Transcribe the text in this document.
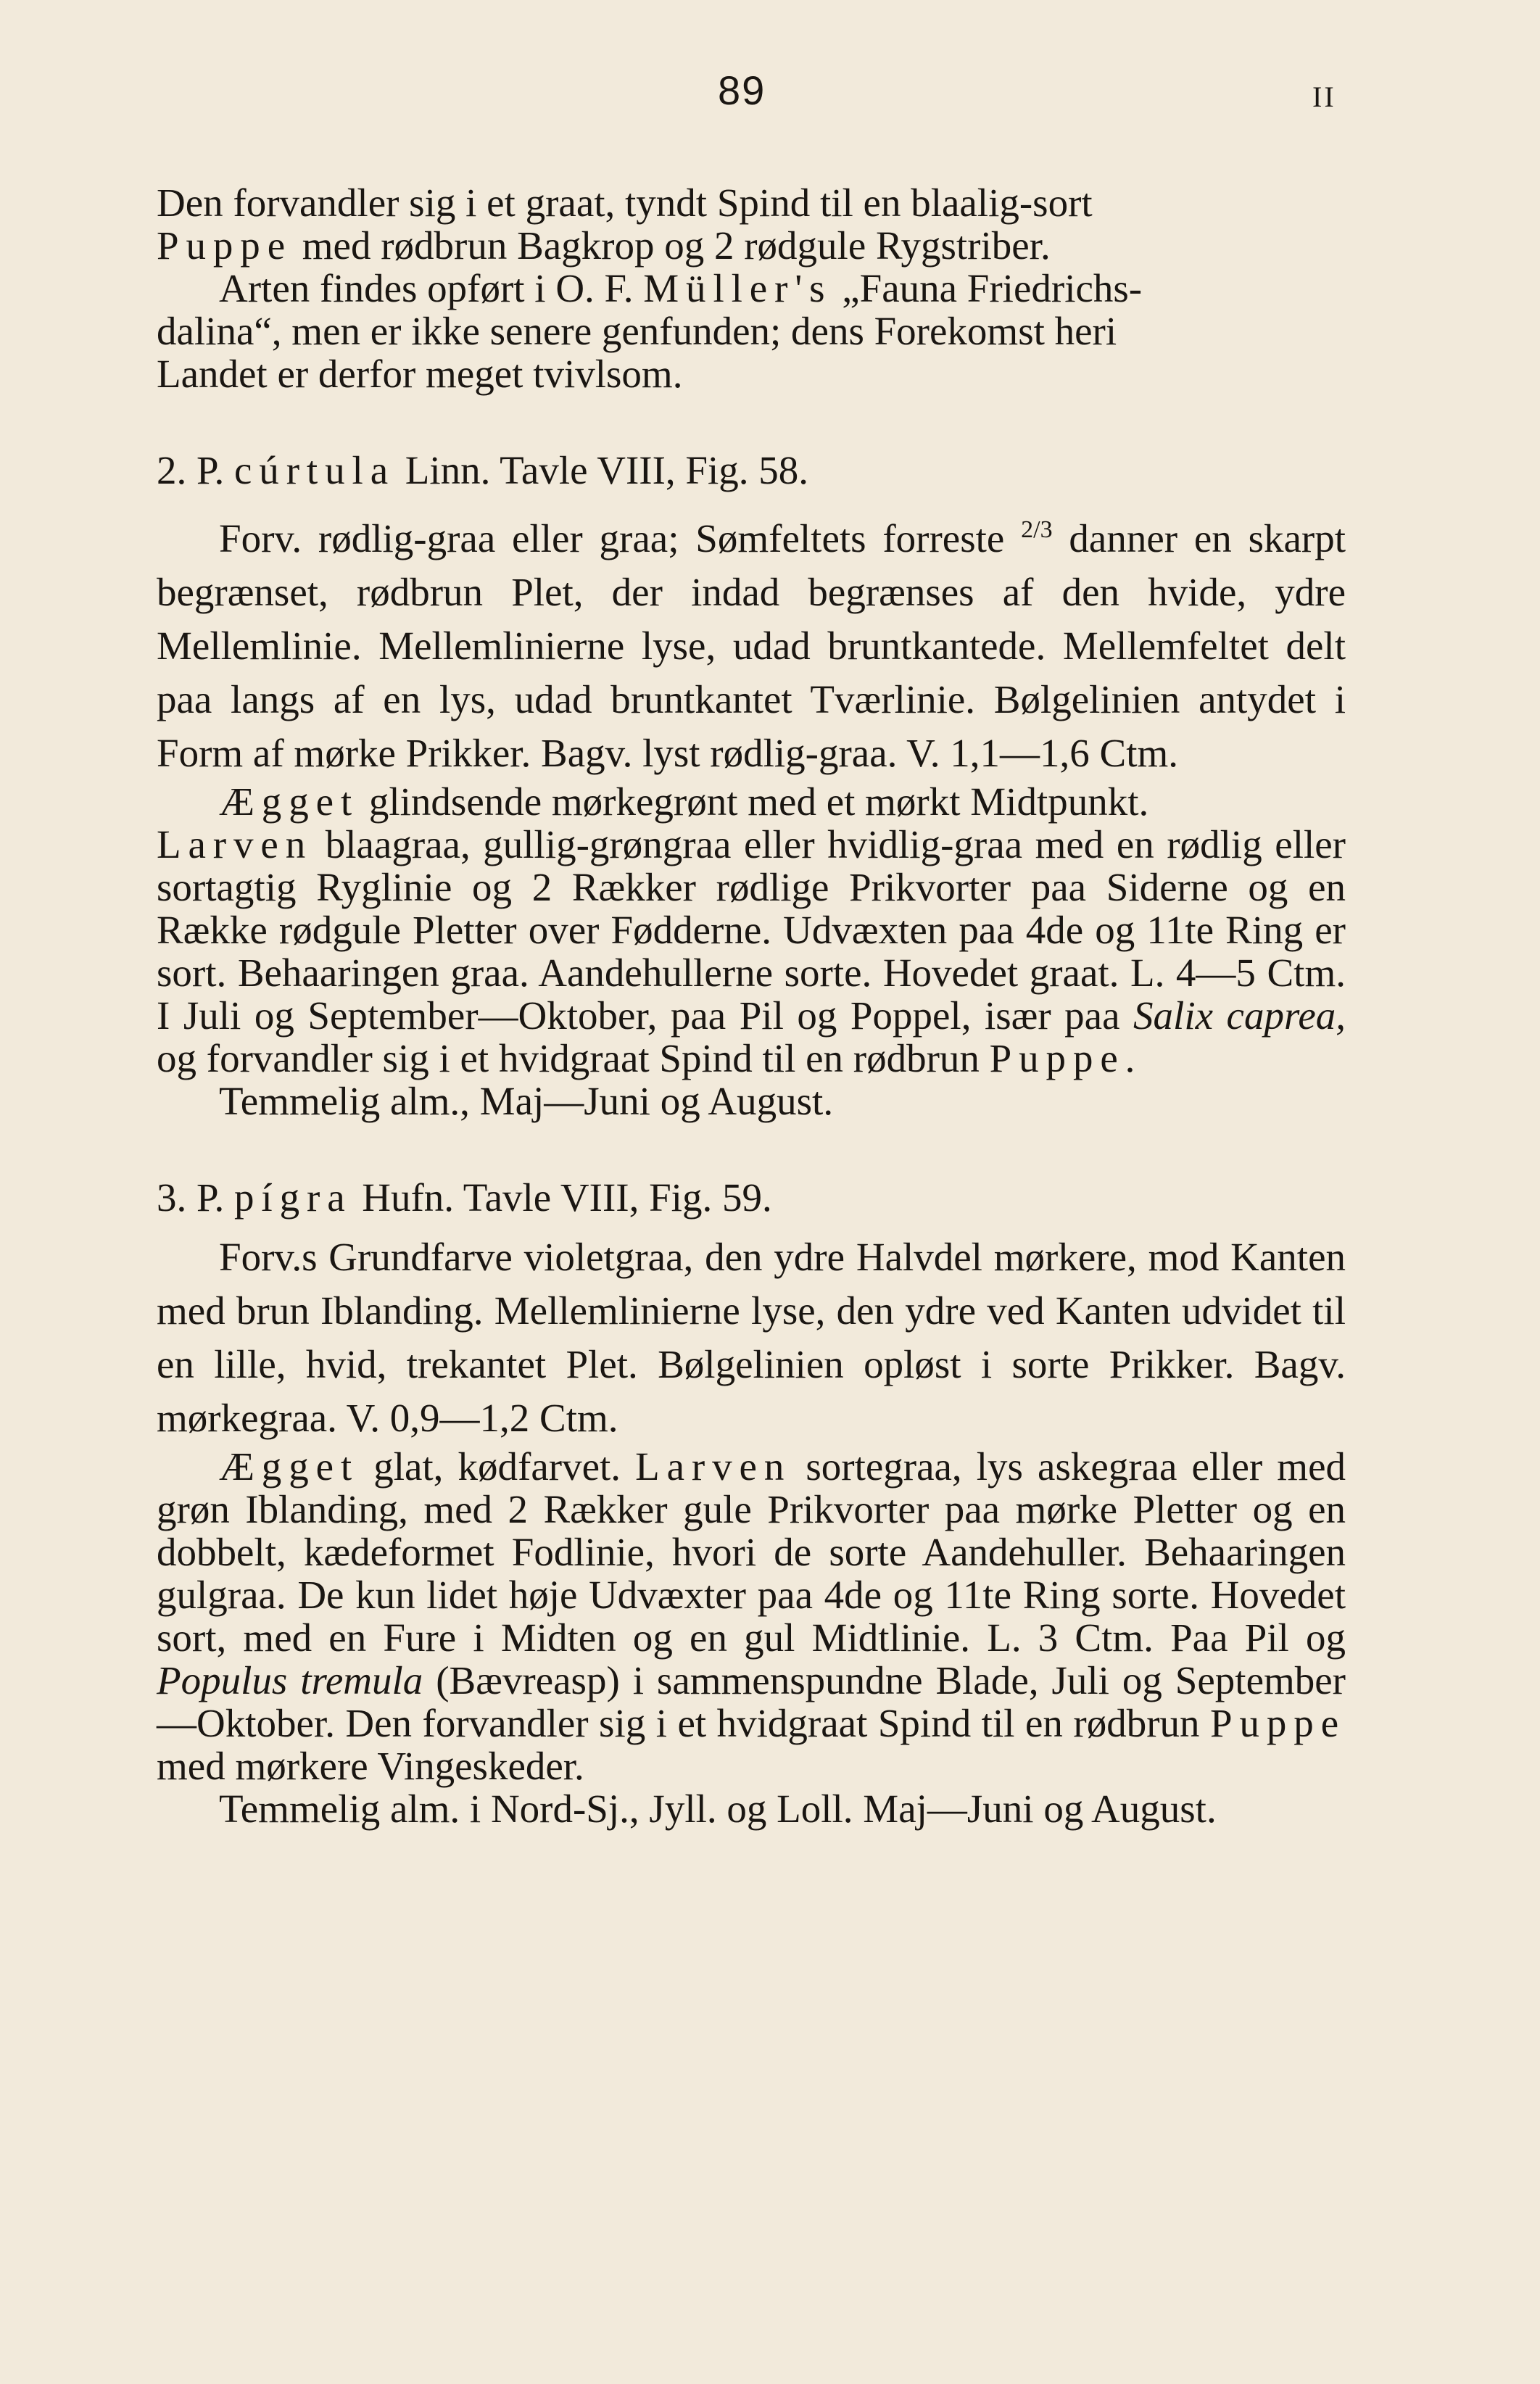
89	II
Den forvandler sig i et graat, tyndt Spind til en blaalig-sort
Puppe med rødbrun Bagkrop og 2 rødgule Rygstriber.
Arten findes opført i O. F. Müller's „Fauna Friedrichs-
dalina“, men er ikke senere genfunden; dens Forekomst heri
Landet er derfor meget tvivlsom.
2. P. cúrtula Linn. Tavle VIII, Fig. 58.
Forv. rødlig-graa eller graa; Sømfeltets forreste $^{2/3}$ danner en skarpt begrænset, rødbrun Plet, der indad begrænses af den hvide, ydre Mellemlinie. Mellemlinierne lyse, udad bruntkantede. Mellemfeltet delt paa langs af en lys, udad bruntkantet Tværlinie. Bølgelinien antydet i Form af mørke Prikker. Bagv. lyst rødlig-graa. V. 1,1—1,6 Ctm.
Ægget glindsende mørkegrønt med et mørkt Midtpunkt.
Larven blaagraa, gullig-grøngraa eller hvidlig-graa med en rødlig eller sortagtig Ryglinie og 2 Rækker rødlige Prikvorter paa Siderne og en Række rødgule Pletter over Fødderne. Udvæxten paa 4de og 11te Ring er sort. Behaaringen graa. Aandehullerne sorte. Hovedet graat. L. 4—5 Ctm. I Juli og September—Oktober, paa Pil og Poppel, især paa Salix caprea, og forvandler sig i et hvidgraat Spind til en rødbrun Puppe.
Temmelig alm., Maj—Juni og August.
3. P. pígra Hufn. Tavle VIII, Fig. 59.
Forv.s Grundfarve violetgraa, den ydre Halvdel mørkere, mod Kanten med brun Iblanding. Mellemlinierne lyse, den ydre ved Kanten udvidet til en lille, hvid, trekantet Plet. Bølgelinien opløst i sorte Prikker. Bagv. mørkegraa. V. 0,9—1,2 Ctm.
Ægget glat, kødfarvet. Larven sortegraa, lys askegraa eller med grøn Iblanding, med 2 Rækker gule Prikvorter paa mørke Pletter og en dobbelt, kædeformet Fodlinie, hvori de sorte Aandehuller. Behaaringen gulgraa. De kun lidet høje Udvæxter paa 4de og 11te Ring sorte. Hovedet sort, med en Fure i Midten og en gul Midtlinie. L. 3 Ctm. Paa Pil og Populus tremula (Bævreasp) i sammenspundne Blade, Juli og September—Oktober. Den forvandler sig i et hvidgraat Spind til en rødbrun Puppe med mørkere Vingeskeder.
Temmelig alm. i Nord-Sj., Jyll. og Loll. Maj—Juni og August.
